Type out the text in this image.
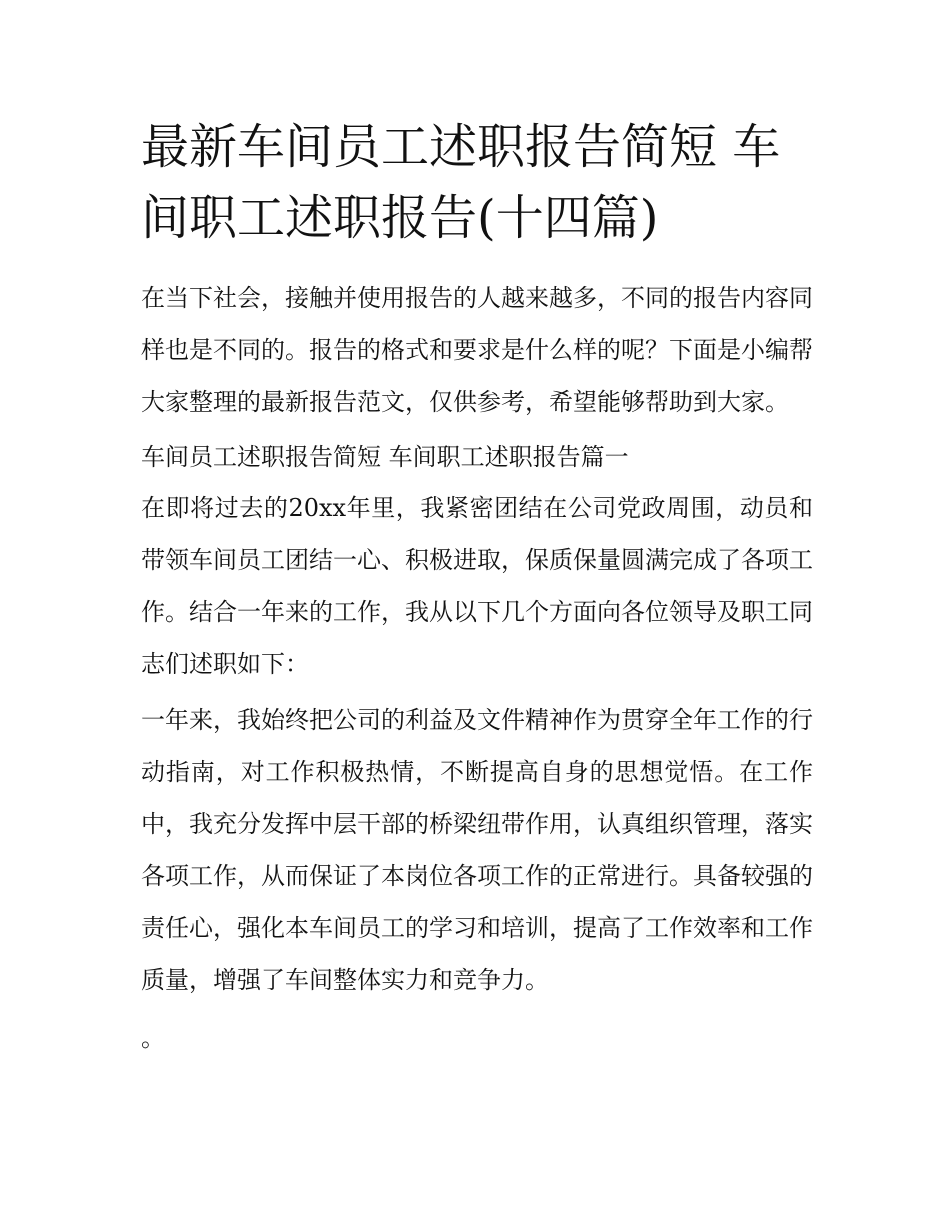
最新车间员工述职报告简短 车间职工述职报告(十四篇)

在当下社会，接触并使用报告的人越来越多，不同的报告内容同样也是不同的。报告的格式和要求是什么样的呢？下面是小编帮大家整理的最新报告范文，仅供参考，希望能够帮助到大家。

车间员工述职报告简短 车间职工述职报告篇一

在即将过去的20xx年里，我紧密团结在公司党政周围，动员和带领车间员工团结一心、积极进取，保质保量圆满完成了各项工作。结合一年来的工作，我从以下几个方面向各位领导及职工同志们述职如下：

一年来，我始终把公司的利益及文件精神作为贯穿全年工作的行动指南，对工作积极热情，不断提高自身的思想觉悟。在工作中，我充分发挥中层干部的桥梁纽带作用，认真组织管理，落实各项工作，从而保证了本岗位各项工作的正常进行。具备较强的责任心，强化本车间员工的学习和培训，提高了工作效率和工作质量，增强了车间整体实力和竞争力。

。
